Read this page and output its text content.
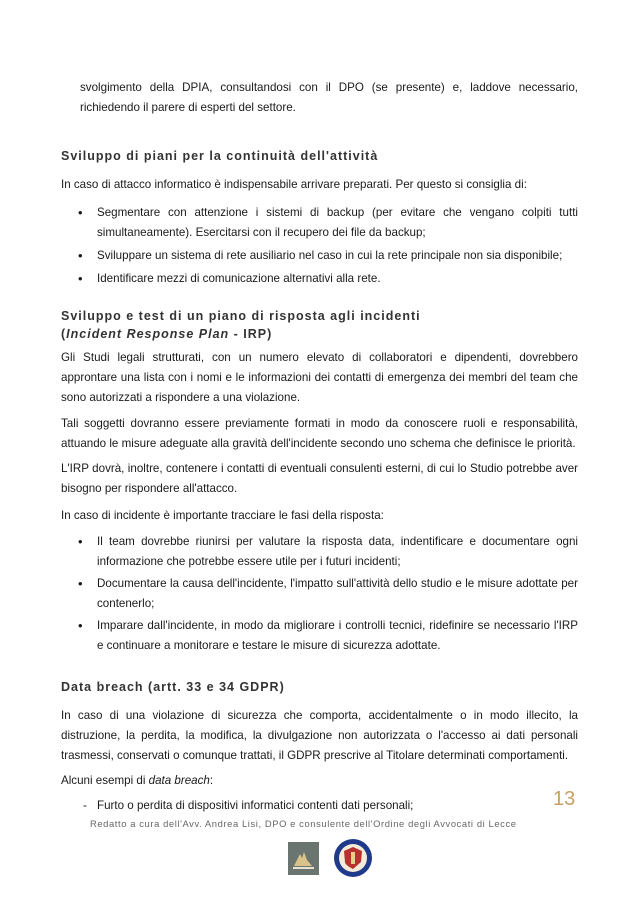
svolgimento della DPIA, consultandosi con il DPO (se presente) e, laddove necessario, richiedendo il parere di esperti del settore.
Sviluppo di piani per la continuità dell'attività
In caso di attacco informatico è indispensabile arrivare preparati. Per questo si consiglia di:
• Segmentare con attenzione i sistemi di backup (per evitare che vengano colpiti tutti simultaneamente). Esercitarsi con il recupero dei file da backup;
• Sviluppare un sistema di rete ausiliario nel caso in cui la rete principale non sia disponibile;
• Identificare mezzi di comunicazione alternativi alla rete.
Sviluppo e test di un piano di risposta agli incidenti
(Incident Response Plan - IRP)
Gli Studi legali strutturati, con un numero elevato di collaboratori e dipendenti, dovrebbero approntare una lista con i nomi e le informazioni dei contatti di emergenza dei membri del team che sono autorizzati a rispondere a una violazione.
Tali soggetti dovranno essere previamente formati in modo da conoscere ruoli e responsabilità, attuando le misure adeguate alla gravità dell'incidente secondo uno schema che definisce le priorità.
L'IRP dovrà, inoltre, contenere i contatti di eventuali consulenti esterni, di cui lo Studio potrebbe aver bisogno per rispondere all'attacco.
In caso di incidente è importante tracciare le fasi della risposta:
• Il team dovrebbe riunirsi per valutare la risposta data, indentificare e documentare ogni informazione che potrebbe essere utile per i futuri incidenti;
• Documentare la causa dell'incidente, l'impatto sull'attività dello studio e le misure adottate per contenerlo;
• Imparare dall'incidente, in modo da migliorare i controlli tecnici, ridefinire se necessario l'IRP e continuare a monitorare e testare le misure di sicurezza adottate.
Data breach (artt. 33 e 34 GDPR)
In caso di una violazione di sicurezza che comporta, accidentalmente o in modo illecito, la distruzione, la perdita, la modifica, la divulgazione non autorizzata o l'accesso ai dati personali trasmessi, conservati o comunque trattati, il GDPR prescrive al Titolare determinati comportamenti.
Alcuni esempi di data breach:
- Furto o perdita di dispositivi informatici contenti dati personali;	13
Redatto a cura dell'Avv. Andrea Lisi, DPO e consulente dell'Ordine degli Avvocati di Lecce
